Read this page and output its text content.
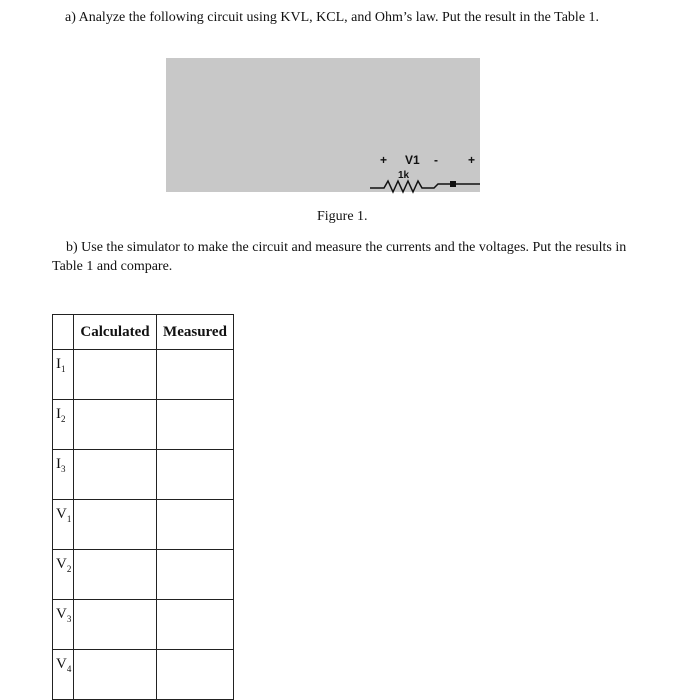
a) Analyze the following circuit using KVL, KCL, and Ohm’s law. Put the result in the Table 1.
+ V1 -	+
1k
Figure 1.
b) Use the simulator to make the circuit and measure the currents and the voltages. Put the results in
Table 1 and compare.
	Calculated	Measured
$I_1$		
$I_2$		
$I_3$		
$V_1$		
$V_2$		
$V_3$		
$V_4$		
